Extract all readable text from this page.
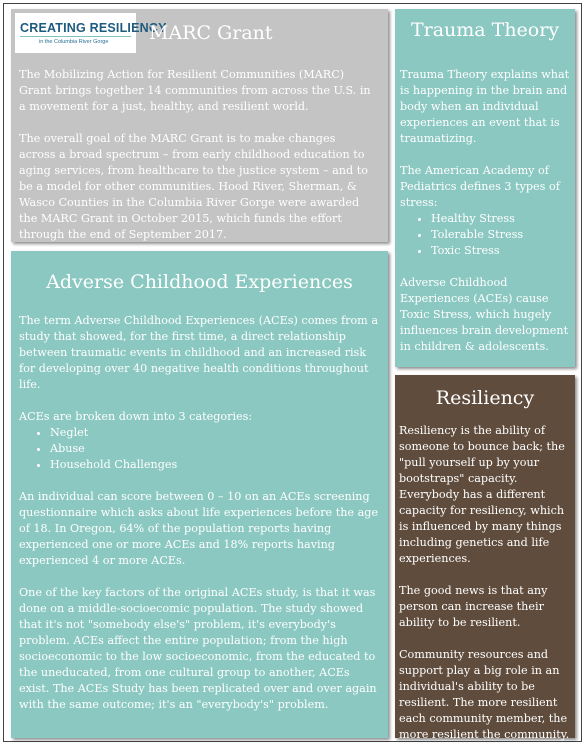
CREATING RESILIENCY
in the Columbia River Gorge MARC Grant

The Mobilizing Action for Resilient Communities (MARC) Grant brings together 14 communities from across the U.S. in a movement for a just, healthy, and resilient world.

The overall goal of the MARC Grant is to make changes across a broad spectrum – from early childhood education to aging services, from healthcare to the justice system – and to be a model for other communities. Hood River, Sherman, & Wasco Counties in the Columbia River Gorge were awarded the MARC Grant in October 2015, which funds the effort through the end of September 2017.

Trauma Theory

Trauma Theory explains what is happening in the brain and body when an individual experiences an event that is traumatizing.

The American Academy of Pediatrics defines 3 types of stress:

• Healthy Stress
• Tolerable Stress
• Toxic Stress

Adverse Childhood Experiences (ACEs) cause Toxic Stress, which hugely influences brain development in children & adolescents.

Adverse Childhood Experiences

The term Adverse Childhood Experiences (ACEs) comes from a study that showed, for the first time, a direct relationship between traumatic events in childhood and an increased risk for developing over 40 negative health conditions throughout life.

ACEs are broken down into 3 categories:

• Neglet
• Abuse
• Household Challenges

An individual can score between 0 – 10 on an ACEs screening questionnaire which asks about life experiences before the age of 18. In Oregon, 64% of the population reports having experienced one or more ACEs and 18% reports having experienced 4 or more ACEs.

One of the key factors of the original ACEs study, is that it was done on a middle-socioecomic population. The study showed that it's not "somebody else's" problem, it's everybody's problem. ACEs affect the entire population; from the high socioeconomic to the low socioeconomic, from the educated to the uneducated, from one cultural group to another, ACEs exist. The ACEs Study has been replicated over and over again with the same outcome; it's an "everybody's" problem.

Resiliency

Resiliency is the ability of someone to bounce back; the "pull yourself up by your bootstraps" capacity. Everybody has a different capacity for resiliency, which is influenced by many things including genetics and life experiences.

The good news is that any person can increase their ability to be resilient.

Community resources and support play a big role in an individual's ability to be resilient. The more resilient each community member, the more resilient the community.
